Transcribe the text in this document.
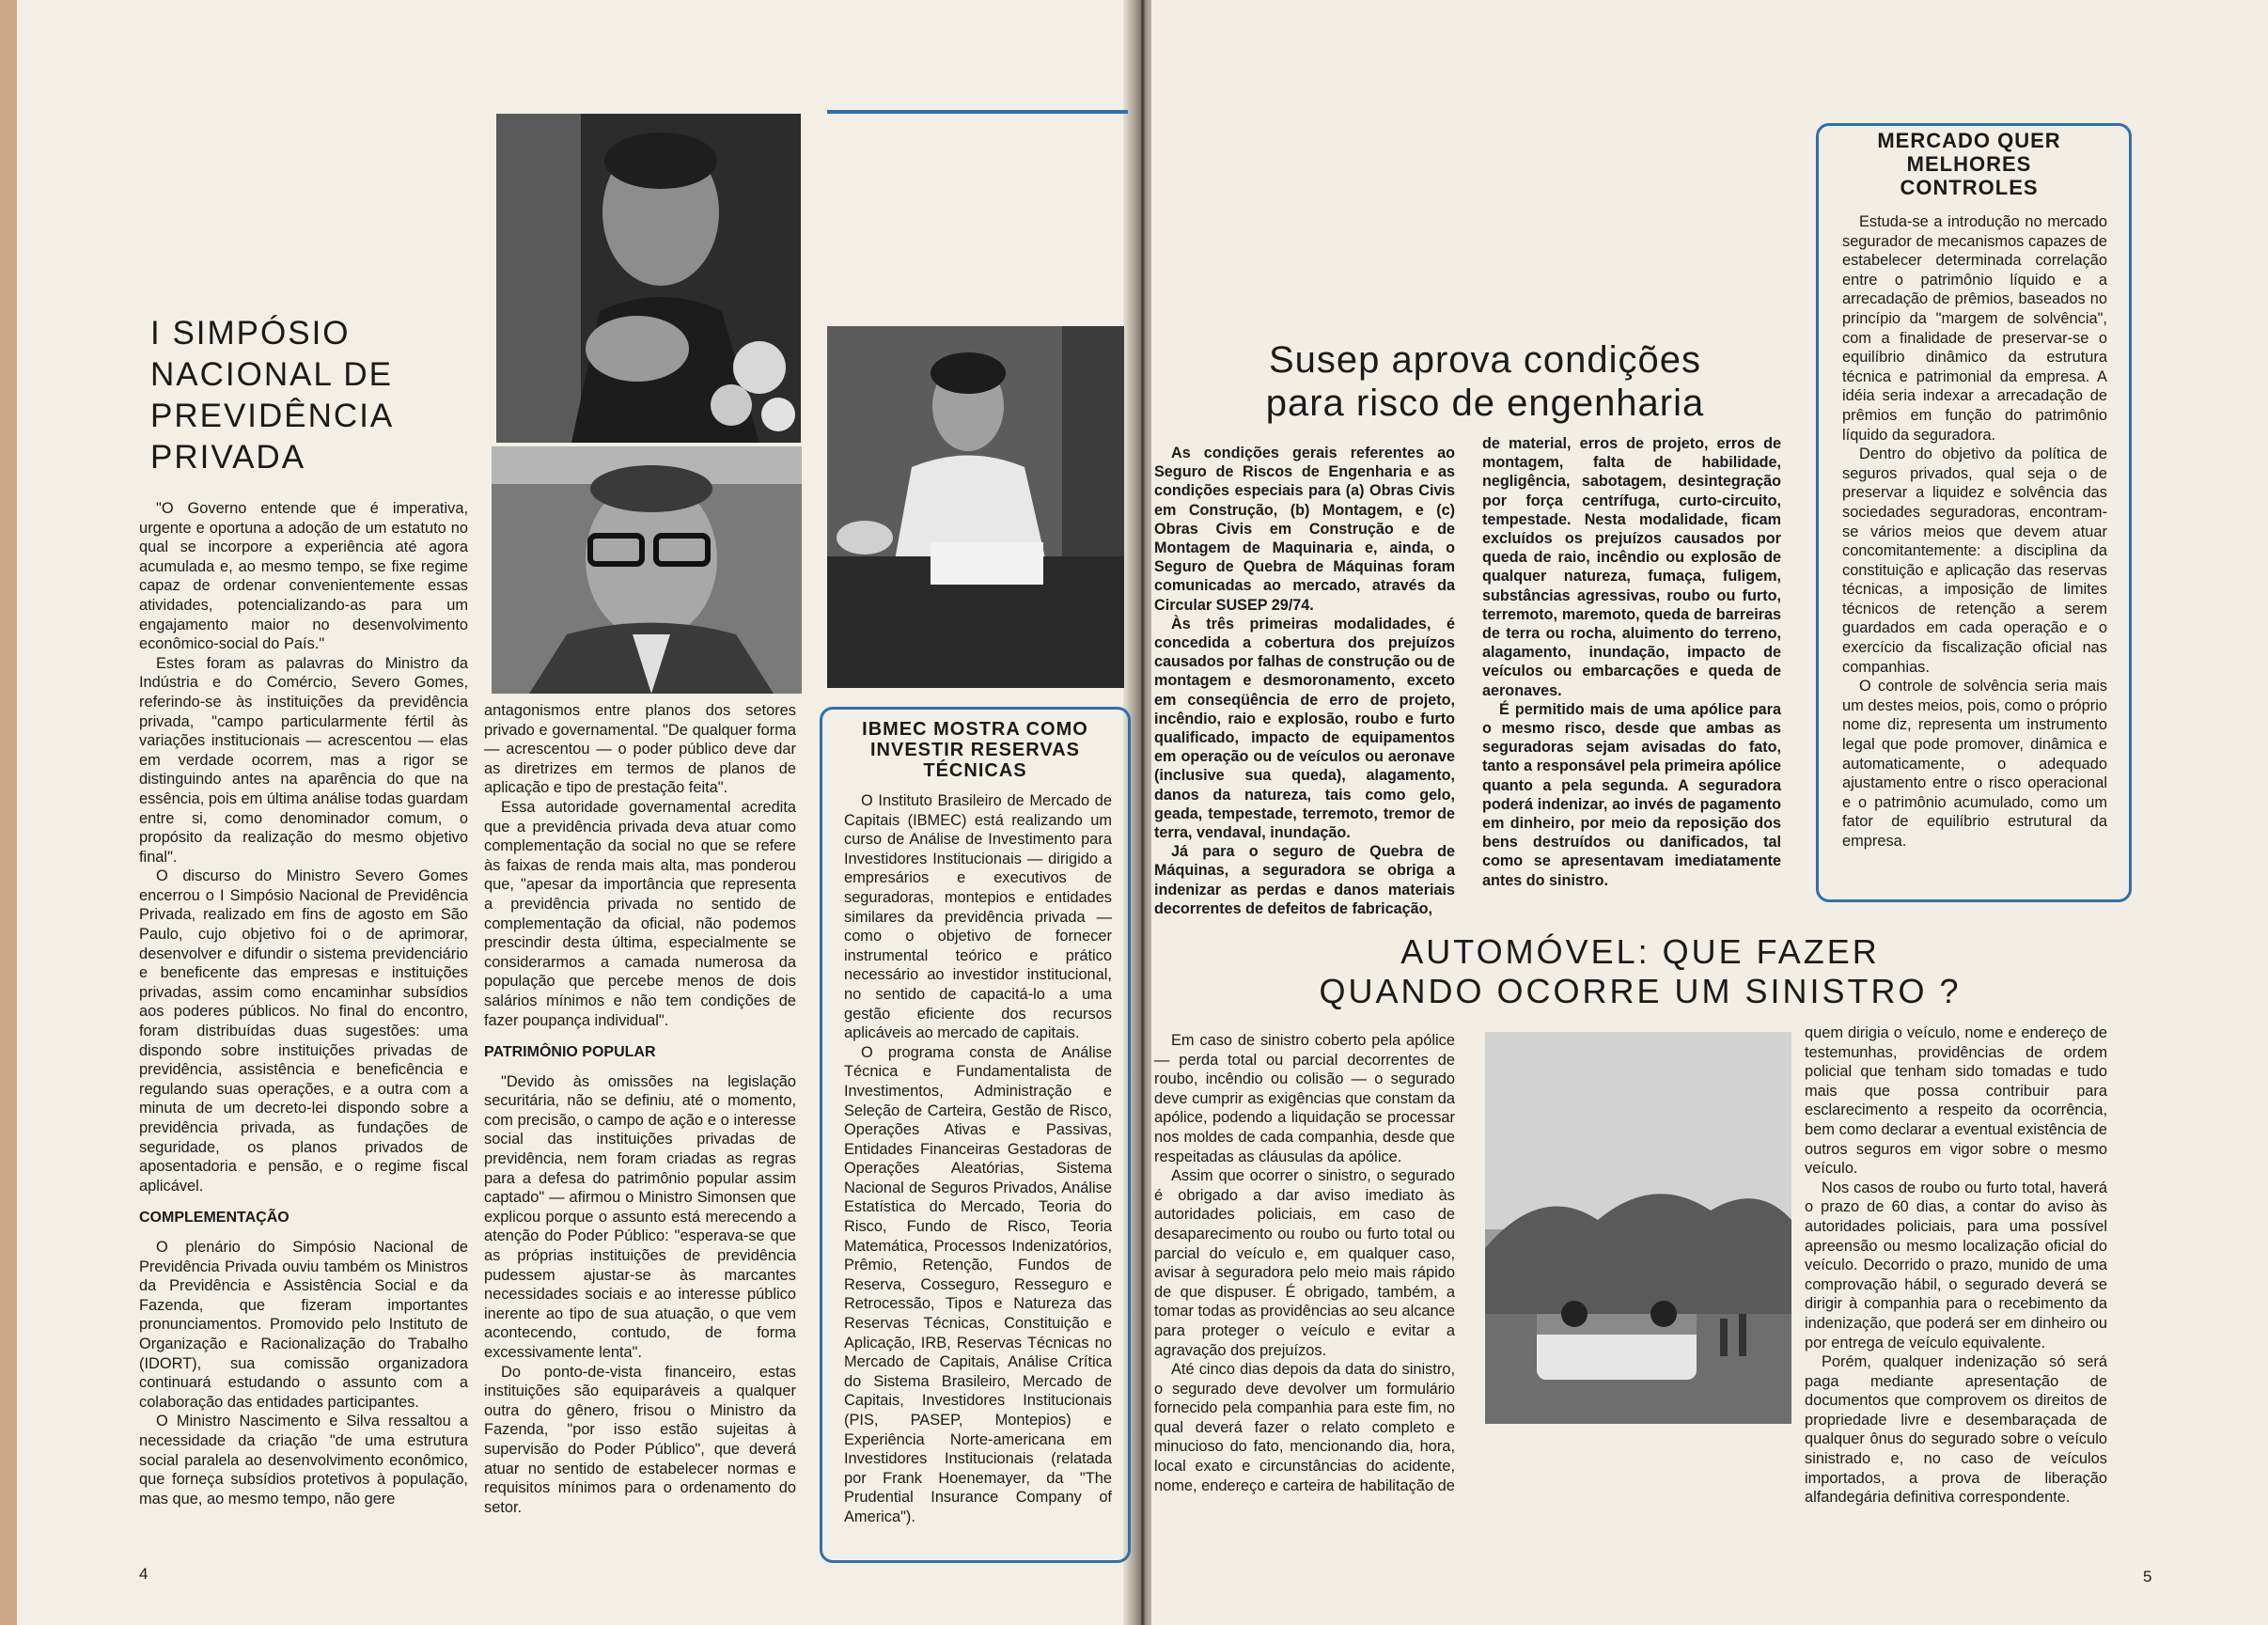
I SIMPÓSIO NACIONAL DE PREVIDÊNCIA PRIVADA

"O Governo entende que é imperativa, urgente e oportuna a adoção de um estatuto no qual se incorpore a experiência até agora acumulada e, ao mesmo tempo, se fixe regime capaz de ordenar convenientemente essas atividades, potencializando-as para um engajamento maior no desenvolvimento econômico-social do País."

Estes foram as palavras do Ministro da Indústria e do Comércio, Severo Gomes, referindo-se às instituições da previdência privada, "campo particularmente fértil às variações institucionais — acrescentou — elas em verdade ocorrem, mas a rigor se distinguindo antes na aparência do que na essência, pois em última análise todas guardam entre si, como denominador comum, o propósito da realização do mesmo objetivo final".

O discurso do Ministro Severo Gomes encerrou o I Simpósio Nacional de Previdência Privada, realizado em fins de agosto em São Paulo, cujo objetivo foi o de aprimorar, desenvolver e difundir o sistema previdenciário e beneficente das empresas e instituições privadas, assim como encaminhar subsídios aos poderes públicos. No final do encontro, foram distribuídas duas sugestões: uma dispondo sobre instituições privadas de previdência, assistência e beneficência e regulando suas operações, e a outra com a minuta de um decreto-lei dispondo sobre a previdência privada, as fundações de seguridade, os planos privados de aposentadoria e pensão, e o regime fiscal aplicável.

COMPLEMENTAÇÃO

O plenário do Simpósio Nacional de Previdência Privada ouviu também os Ministros da Previdência e Assistência Social e da Fazenda, que fizeram importantes pronunciamentos. Promovido pelo Instituto de Organização e Racionalização do Trabalho (IDORT), sua comissão organizadora continuará estudando o assunto com a colaboração das entidades participantes.

O Ministro Nascimento e Silva ressaltou a necessidade da criação "de uma estrutura social paralela ao desenvolvimento econômico, que forneça subsídios protetivos à população, mas que, ao mesmo tempo, não gere

antagonismos entre planos dos setores privado e governamental. "De qualquer forma — acrescentou — o poder público deve dar as diretrizes em termos de planos de aplicação e tipo de prestação feita".

Essa autoridade governamental acredita que a previdência privada deva atuar como complementação da social no que se refere às faixas de renda mais alta, mas ponderou que, "apesar da importância que representa a previdência privada no sentido de complementação da oficial, não podemos prescindir desta última, especialmente se considerarmos a camada numerosa da população que percebe menos de dois salários mínimos e não tem condições de fazer poupança individual".

PATRIMÔNIO POPULAR

"Devido às omissões na legislação securitária, não se definiu, até o momento, com precisão, o campo de ação e o interesse social das instituições privadas de previdência, nem foram criadas as regras para a defesa do patrimônio popular assim captado" — afirmou o Ministro Simonsen que explicou porque o assunto está merecendo a atenção do Poder Público: "esperava-se que as próprias instituições de previdência pudessem ajustar-se às marcantes necessidades sociais e ao interesse público inerente ao tipo de sua atuação, o que vem acontecendo, contudo, de forma excessivamente lenta".

Do ponto-de-vista financeiro, estas instituições são equiparáveis a qualquer outra do gênero, frisou o Ministro da Fazenda, "por isso estão sujeitas à supervisão do Poder Público", que deverá atuar no sentido de estabelecer normas e requisitos mínimos para o ordenamento do setor.

IBMEC MOSTRA COMO INVESTIR RESERVAS TÉCNICAS

O Instituto Brasileiro de Mercado de Capitais (IBMEC) está realizando um curso de Análise de Investimento para Investidores Institucionais — dirigido a empresários e executivos de seguradoras, montepios e entidades similares da previdência privada — como o objetivo de fornecer instrumental teórico e prático necessário ao investidor institucional, no sentido de capacitá-lo a uma gestão eficiente dos recursos aplicáveis ao mercado de capitais.

O programa consta de Análise Técnica e Fundamentalista de Investimentos, Administração e Seleção de Carteira, Gestão de Risco, Operações Ativas e Passivas, Entidades Financeiras Gestadoras de Operações Aleatórias, Sistema Nacional de Seguros Privados, Análise Estatística do Mercado, Teoria do Risco, Fundo de Risco, Teoria Matemática, Processos Indenizatórios, Prêmio, Retenção, Fundos de Reserva, Cosseguro, Resseguro e Retrocessão, Tipos e Natureza das Reservas Técnicas, Constituição e Aplicação, IRB, Reservas Técnicas no Mercado de Capitais, Análise Crítica do Sistema Brasileiro, Mercado de Capitais, Investidores Institucionais (PIS, PASEP, Montepios) e Experiência Norte-americana em Investidores Institucionais (relatada por Frank Hoenemayer, da "The Prudential Insurance Company of America").

4
Susep aprova condições
para risco de engenharia

As condições gerais referentes ao Seguro de Riscos de Engenharia e as condições especiais para (a) Obras Civis em Construção, (b) Montagem, e (c) Obras Civis em Construção e de Montagem de Maquinaria e, ainda, o Seguro de Quebra de Máquinas foram comunicadas ao mercado, através da Circular SUSEP 29/74.

Às três primeiras modalidades, é concedida a cobertura dos prejuízos causados por falhas de construção ou de montagem e desmoronamento, exceto em conseqüência de erro de projeto, incêndio, raio e explosão, roubo e furto qualificado, impacto de equipamentos em operação ou de veículos ou aeronave (inclusive sua queda), alagamento, danos da natureza, tais como gelo, geada, tempestade, terremoto, tremor de terra, vendaval, inundação.

Já para o seguro de Quebra de Máquinas, a seguradora se obriga a indenizar as perdas e danos materiais decorrentes de defeitos de fabricação,

de material, erros de projeto, erros de montagem, falta de habilidade, negligência, sabotagem, desintegração por força centrífuga, curto-circuito, tempestade. Nesta modalidade, ficam excluídos os prejuízos causados por queda de raio, incêndio ou explosão de qualquer natureza, fumaça, fuligem, substâncias agressivas, roubo ou furto, terremoto, maremoto, queda de barreiras de terra ou rocha, aluimento do terreno, alagamento, inundação, impacto de veículos ou embarcações e queda de aeronaves.

É permitido mais de uma apólice para o mesmo risco, desde que ambas as seguradoras sejam avisadas do fato, tanto a responsável pela primeira apólice quanto a pela segunda. A seguradora poderá indenizar, ao invés de pagamento em dinheiro, por meio da reposição dos bens destruídos ou danificados, tal como se apresentavam imediatamente antes do sinistro.

MERCADO QUER MELHORES CONTROLES

Estuda-se a introdução no mercado segurador de mecanismos capazes de estabelecer determinada correlação entre o patrimônio líquido e a arrecadação de prêmios, baseados no princípio da "margem de solvência", com a finalidade de preservar-se o equilíbrio dinâmico da estrutura técnica e patrimonial da empresa. A idéia seria indexar a arrecadação de prêmios em função do patrimônio líquido da seguradora.

Dentro do objetivo da política de seguros privados, qual seja o de preservar a liquidez e solvência das sociedades seguradoras, encontram-se vários meios que devem atuar concomitantemente: a disciplina da constituição e aplicação das reservas técnicas, a imposição de limites técnicos de retenção a serem guardados em cada operação e o exercício da fiscalização oficial nas companhias.

O controle de solvência seria mais um destes meios, pois, como o próprio nome diz, representa um instrumento legal que pode promover, dinâmica e automaticamente, o adequado ajustamento entre o risco operacional e o patrimônio acumulado, como um fator de equilíbrio estrutural da empresa.

AUTOMÓVEL: QUE FAZER
QUANDO OCORRE UM SINISTRO ?

Em caso de sinistro coberto pela apólice — perda total ou parcial decorrentes de roubo, incêndio ou colisão — o segurado deve cumprir as exigências que constam da apólice, podendo a liquidação se processar nos moldes de cada companhia, desde que respeitadas as cláusulas da apólice.

Assim que ocorrer o sinistro, o segurado é obrigado a dar aviso imediato às autoridades policiais, em caso de desaparecimento ou roubo ou furto total ou parcial do veículo e, em qualquer caso, avisar à seguradora pelo meio mais rápido de que dispuser. É obrigado, também, a tomar todas as providências ao seu alcance para proteger o veículo e evitar a agravação dos prejuízos.

Até cinco dias depois da data do sinistro, o segurado deve devolver um formulário fornecido pela companhia para este fim, no qual deverá fazer o relato completo e minucioso do fato, mencionando dia, hora, local exato e circunstâncias do acidente, nome, endereço e carteira de habilitação de

quem dirigia o veículo, nome e endereço de testemunhas, providências de ordem policial que tenham sido tomadas e tudo mais que possa contribuir para esclarecimento a respeito da ocorrência, bem como declarar a eventual existência de outros seguros em vigor sobre o mesmo veículo.

Nos casos de roubo ou furto total, haverá o prazo de 60 dias, a contar do aviso às autoridades policiais, para uma possível apreensão ou mesmo localização oficial do veículo. Decorrido o prazo, munido de uma comprovação hábil, o segurado deverá se dirigir à companhia para o recebimento da indenização, que poderá ser em dinheiro ou por entrega de veículo equivalente.

Porém, qualquer indenização só será paga mediante apresentação de documentos que comprovem os direitos de propriedade livre e desembaraçada de qualquer ônus do segurado sobre o veículo sinistrado e, no caso de veículos importados, a prova de liberação alfandegária definitiva correspondente.

5
